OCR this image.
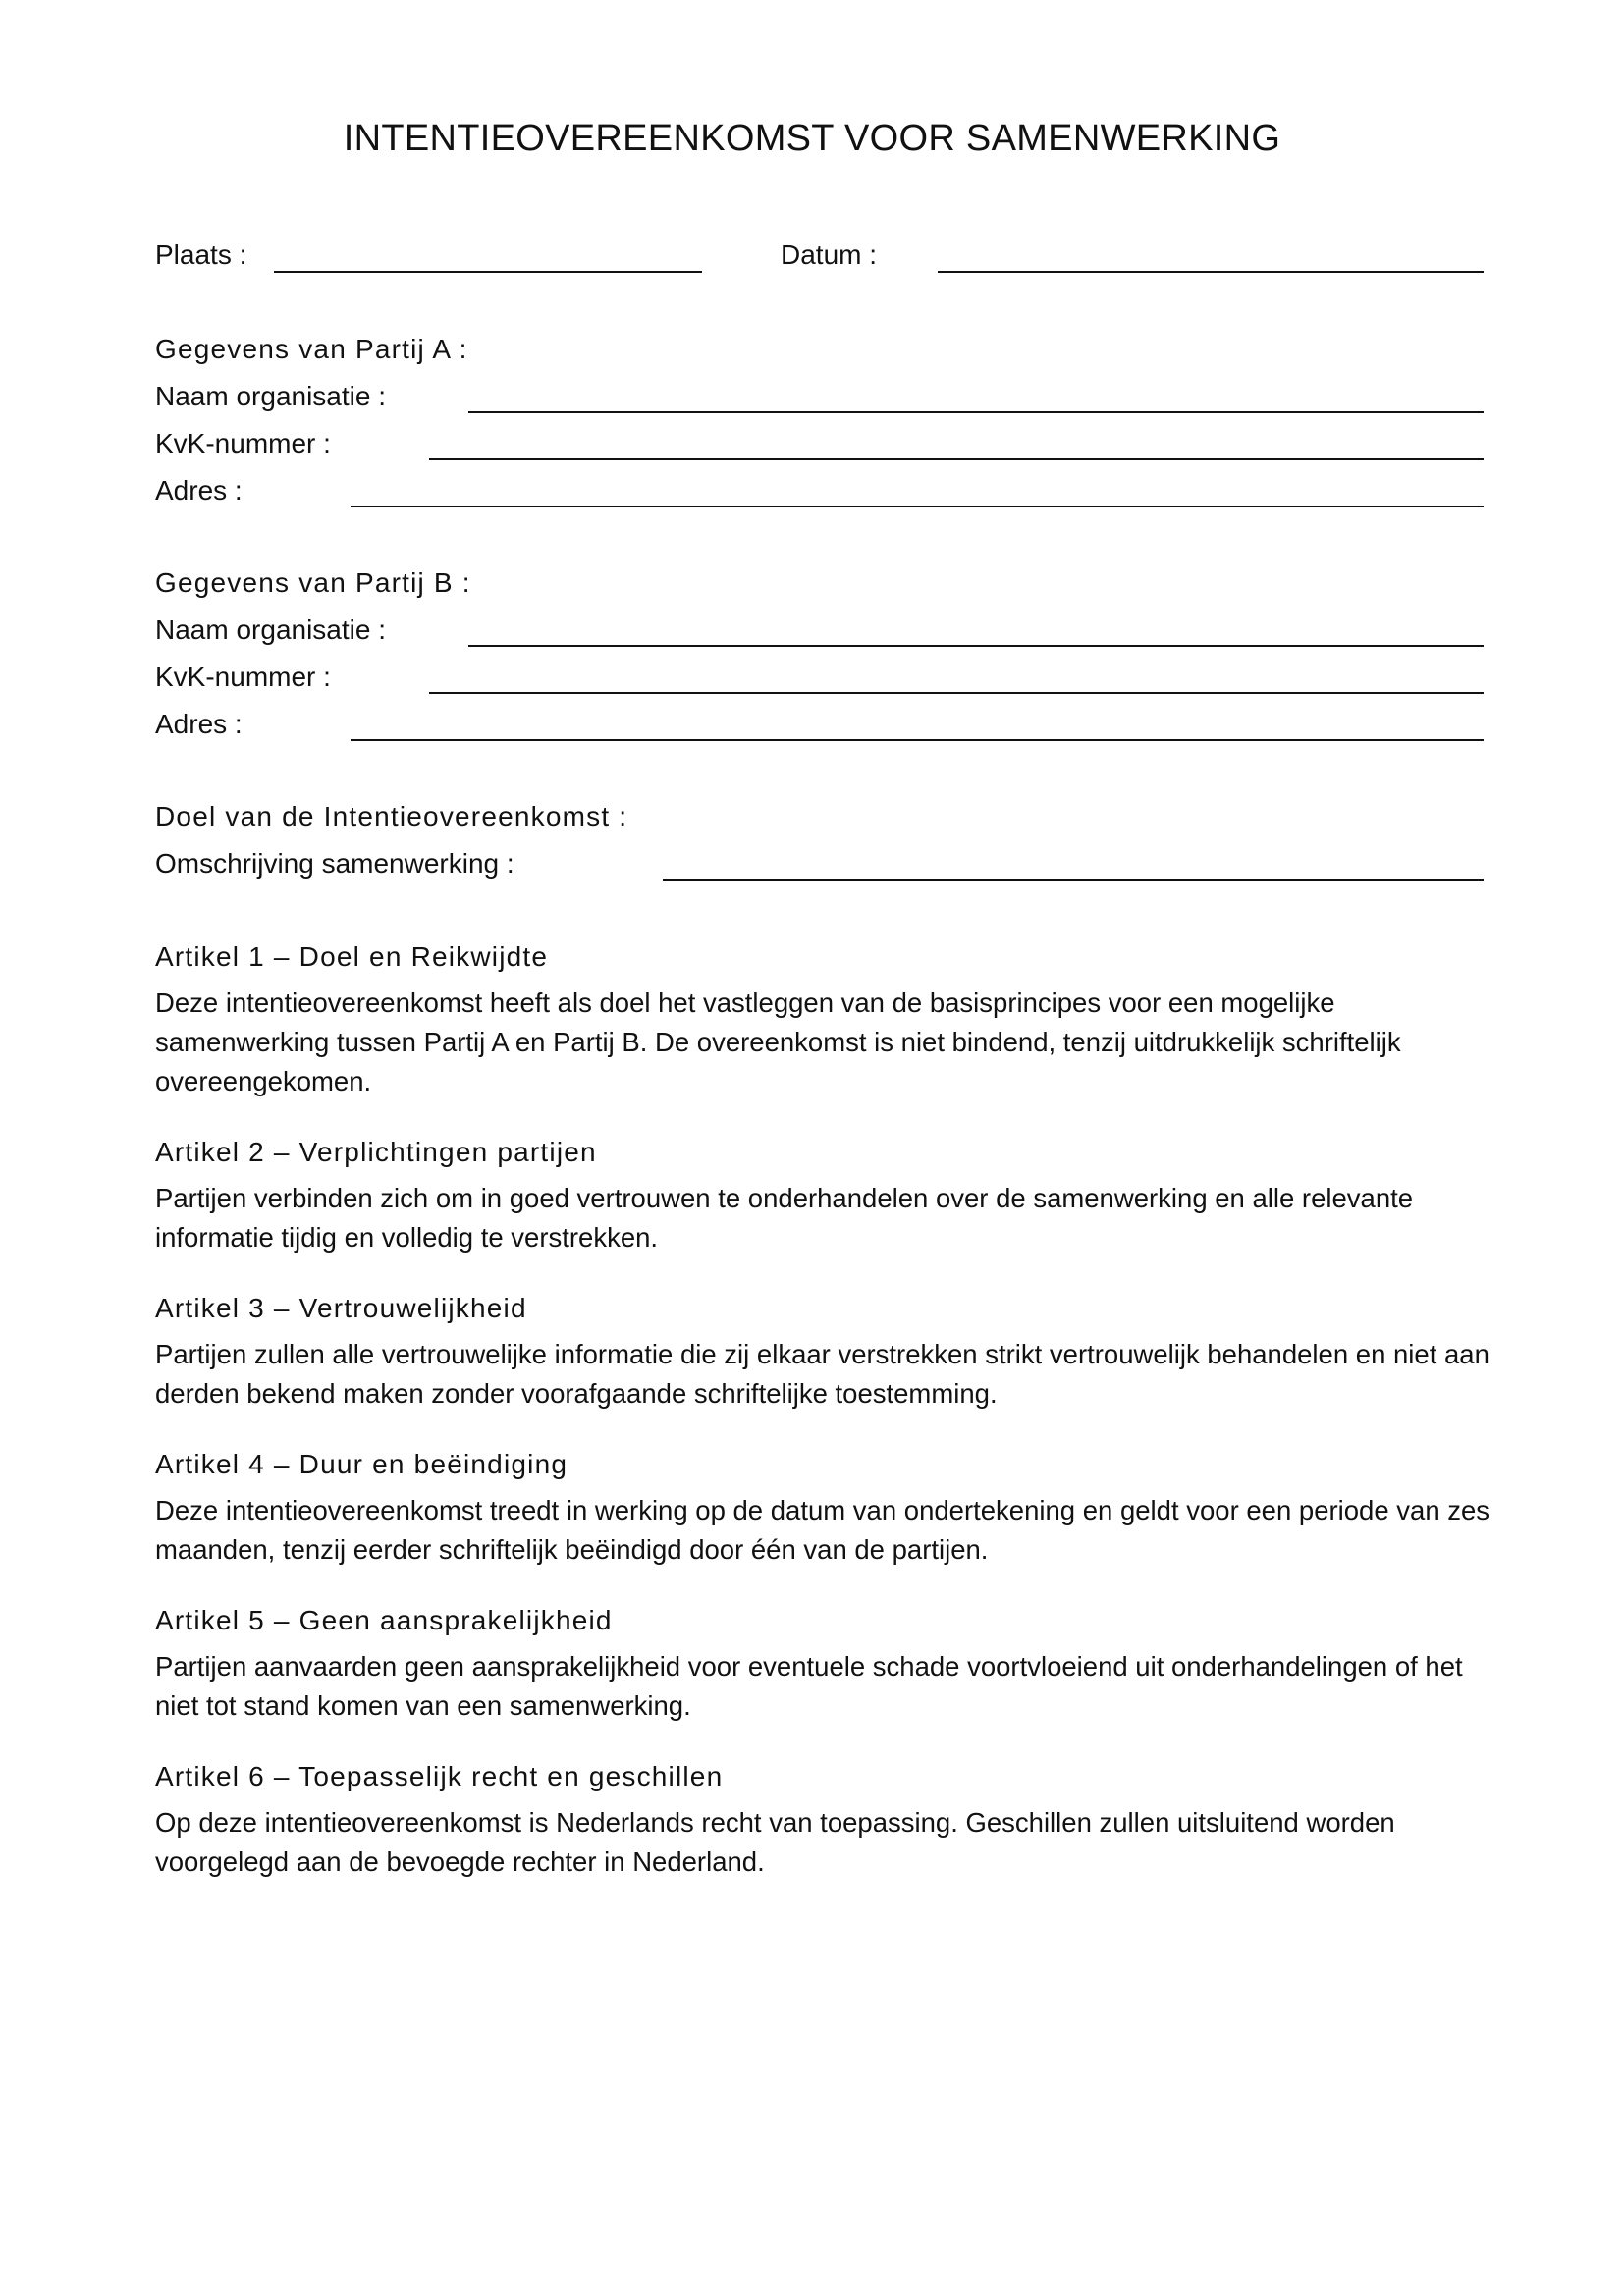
INTENTIEOVEREENKOMST VOOR SAMENWERKING
Plaats :	Datum :
Gegevens van Partij A :
Naam organisatie :
KvK-nummer :
Adres :
Gegevens van Partij B :
Naam organisatie :
KvK-nummer :
Adres :
Doel van de Intentieovereenkomst :
Omschrijving samenwerking :
Artikel 1 – Doel en Reikwijdte

Deze intentieovereenkomst heeft als doel het vastleggen van de basisprincipes voor een mogelijke samenwerking tussen Partij A en Partij B. De overeenkomst is niet bindend, tenzij uitdrukkelijk schriftelijk overeengekomen.

Artikel 2 – Verplichtingen partijen

Partijen verbinden zich om in goed vertrouwen te onderhandelen over de samenwerking en alle relevante informatie tijdig en volledig te verstrekken.

Artikel 3 – Vertrouwelijkheid

Partijen zullen alle vertrouwelijke informatie die zij elkaar verstrekken strikt vertrouwelijk behandelen en niet aan derden bekend maken zonder voorafgaande schriftelijke toestemming.

Artikel 4 – Duur en beëindiging

Deze intentieovereenkomst treedt in werking op de datum van ondertekening en geldt voor een periode van zes maanden, tenzij eerder schriftelijk beëindigd door één van de partijen.

Artikel 5 – Geen aansprakelijkheid

Partijen aanvaarden geen aansprakelijkheid voor eventuele schade voortvloeiend uit onderhandelingen of het niet tot stand komen van een samenwerking.

Artikel 6 – Toepasselijk recht en geschillen

Op deze intentieovereenkomst is Nederlands recht van toepassing. Geschillen zullen uitsluitend worden voorgelegd aan de bevoegde rechter in Nederland.
